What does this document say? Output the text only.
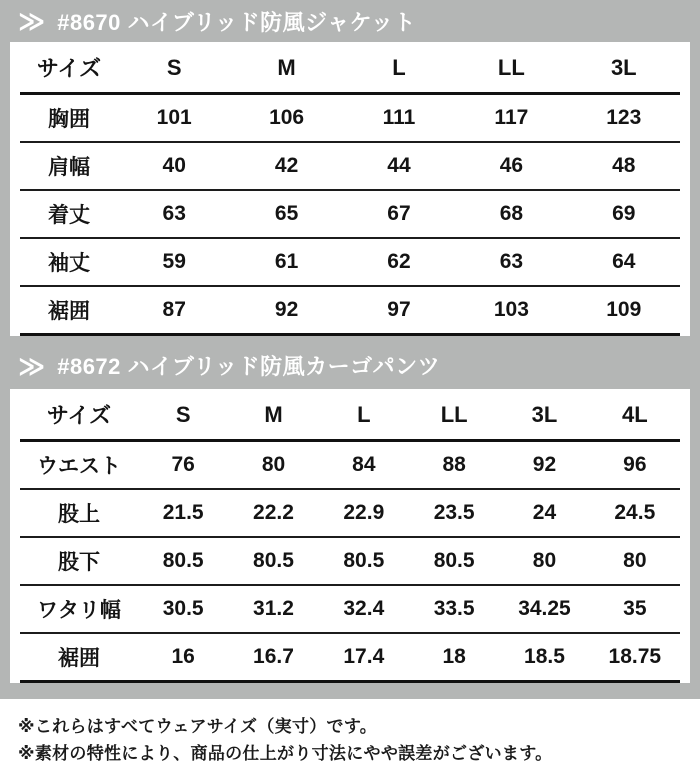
≫ #8670 ハイブリッド防風ジャケット
サイズ	S	M	L	LL	3L
胸囲	101	106	111	117	123
肩幅	40	42	44	46	48
着丈	63	65	67	68	69
袖丈	59	61	62	63	64
裾囲	87	92	97	103	109
≫ #8672 ハイブリッド防風カーゴパンツ
サイズ	S	M	L	LL	3L	4L
ウエスト	76	80	84	88	92	96
股上	21.5	22.2	22.9	23.5	24	24.5
股下	80.5	80.5	80.5	80.5	80	80
ワタリ幅	30.5	31.2	32.4	33.5	34.25	35
裾囲	16	16.7	17.4	18	18.5	18.75

※これらはすべてウェアサイズ（実寸）です。

※素材の特性により、商品の仕上がり寸法にやや誤差がございます。
